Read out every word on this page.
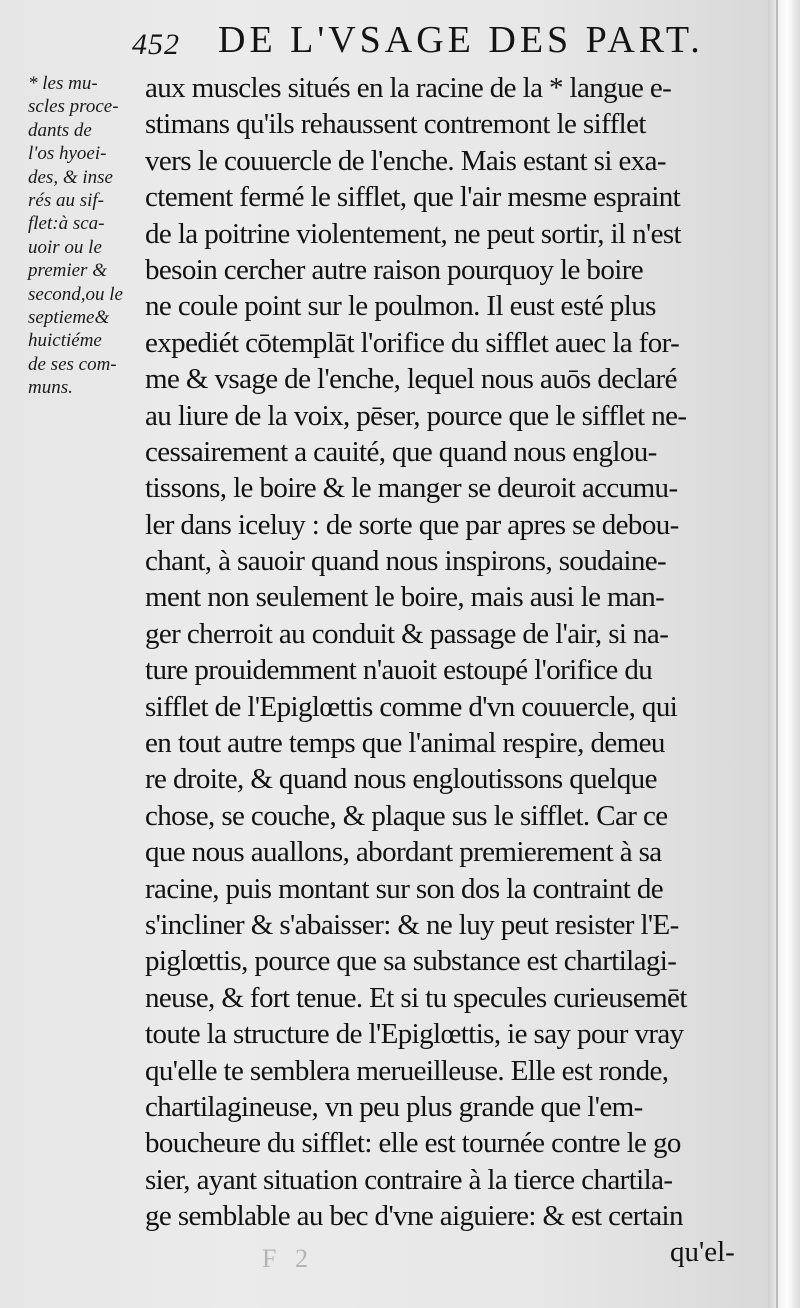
452 DE L'VSAGE DES PART.
* les mu-
scles proce-
dants de
l'os hyoei-
des, & inse
rés au sif-
flet:à sca-
uoir ou le
premier &
second,ou le
septieme&
huictiéme
de ses com-
muns.
aux muscles situés en la racine de la * langue e-
stimans qu'ils rehaussent contremont le sifflet
vers le couuercle de l'enche. Mais estant si exa-
ctement fermé le sifflet, que l'air mesme espraint
de la poitrine violentement, ne peut sortir, il n'est
besoin cercher autre raison pourquoy le boire
ne coule point sur le poulmon. Il eust esté plus
expediét cōtemplāt l'orifice du sifflet auec la for-
me & vsage de l'enche, lequel nous auōs declaré
au liure de la voix, pēser, pource que le sifflet ne-
cessairement a cauité, que quand nous englou-
tissons, le boire & le manger se deuroit accumu-
ler dans iceluy : de sorte que par apres se debou-
chant, à sauoir quand nous inspirons, soudaine-
ment non seulement le boire, mais ausi le man-
ger cherroit au conduit & passage de l'air, si na-
ture prouidemment n'auoit estoupé l'orifice du
sifflet de l'Epiglœttis comme d'vn couuercle, qui
en tout autre temps que l'animal respire, demeu
re droite, & quand nous engloutissons quelque
chose, se couche, & plaque sus le sifflet. Car ce
que nous auallons, abordant premierement à sa
racine, puis montant sur son dos la contraint de
s'incliner & s'abaisser: & ne luy peut resister l'E-
piglœttis, pource que sa substance est chartilagi-
neuse, & fort tenue. Et si tu specules curieusemēt
toute la structure de l'Epiglœttis, ie say pour vray
qu'elle te semblera merueilleuse. Elle est ronde,
chartilagineuse, vn peu plus grande que l'em-
boucheure du sifflet: elle est tournée contre le go
sier, ayant situation contraire à la tierce chartila-
ge semblable au bec d'vne aiguiere: & est certain
F 2	qu'el-
